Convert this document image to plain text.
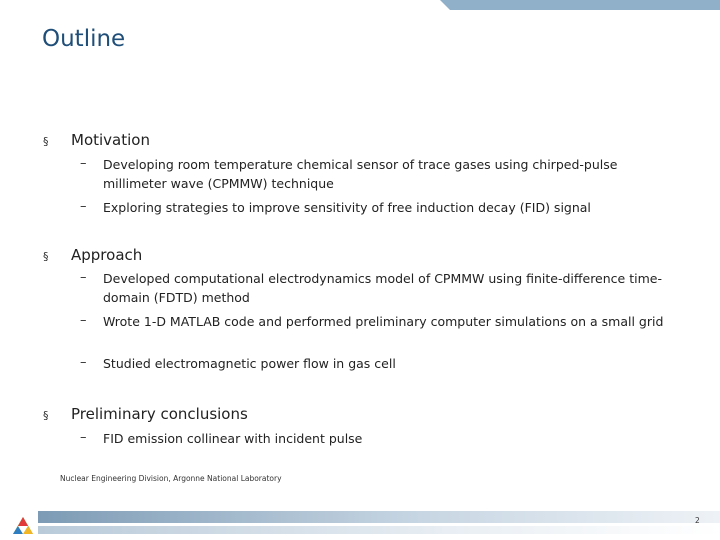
Outline
§ Motivation
– Developing room temperature chemical sensor of trace gases using chirped-pulse millimeter wave (CPMMW) technique
– Exploring strategies to improve sensitivity of free induction decay (FID) signal
§ Approach
– Developed computational electrodynamics model of CPMMW using finite-difference time-domain (FDTD) method
– Wrote 1-D MATLAB code and performed preliminary computer simulations on a small grid
– Studied electromagnetic power flow in gas cell
§ Preliminary conclusions
– FID emission collinear with incident pulse
Nuclear Engineering Division, Argonne National Laboratory
2
